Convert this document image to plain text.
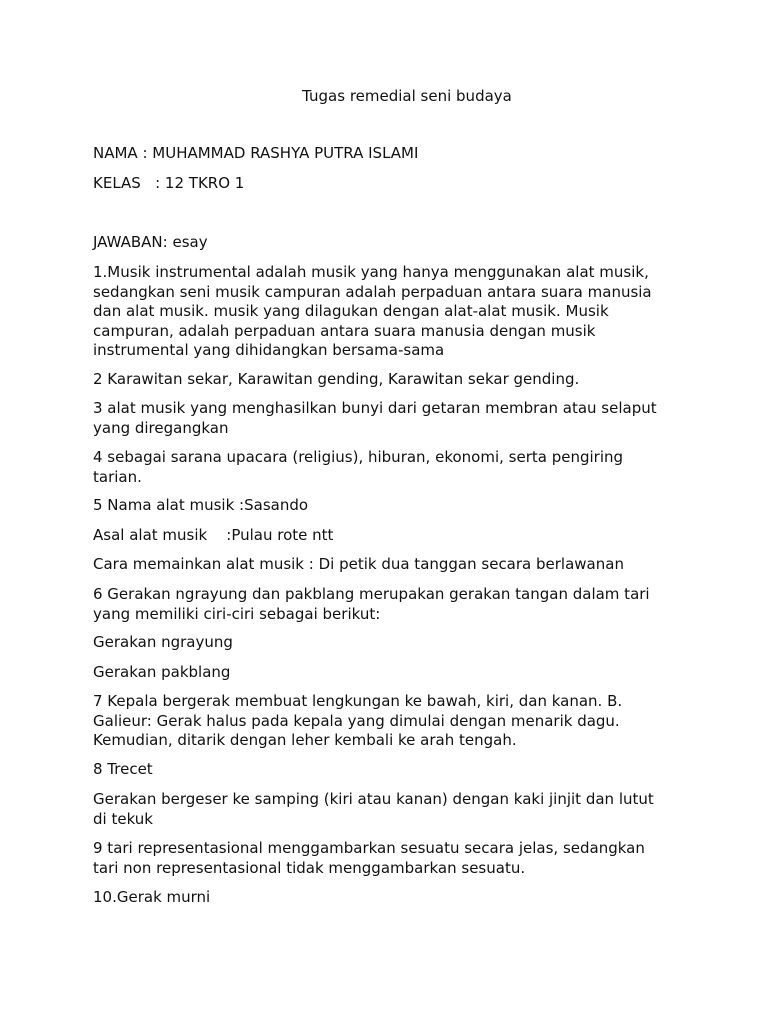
Tugas remedial seni budaya

NAMA : MUHAMMAD RASHYA PUTRA ISLAMI

KELAS   : 12 TKRO 1

JAWABAN: esay

1.Musik instrumental adalah musik yang hanya menggunakan alat musik,
sedangkan seni musik campuran adalah perpaduan antara suara manusia
dan alat musik. musik yang dilagukan dengan alat-alat musik. Musik
campuran, adalah perpaduan antara suara manusia dengan musik
instrumental yang dihidangkan bersama-sama

2 Karawitan sekar, Karawitan gending, Karawitan sekar gending.

3 alat musik yang menghasilkan bunyi dari getaran membran atau selaput
yang diregangkan

4 sebagai sarana upacara (religius), hiburan, ekonomi, serta pengiring
tarian.

5 Nama alat musik :Sasando

Asal alat musik    :Pulau rote ntt

Cara memainkan alat musik : Di petik dua tanggan secara berlawanan

6 Gerakan ngrayung dan pakblang merupakan gerakan tangan dalam tari
yang memiliki ciri-ciri sebagai berikut:

Gerakan ngrayung

Gerakan pakblang

7 Kepala bergerak membuat lengkungan ke bawah, kiri, dan kanan. B.
Galieur: Gerak halus pada kepala yang dimulai dengan menarik dagu.
Kemudian, ditarik dengan leher kembali ke arah tengah.

8 Trecet

Gerakan bergeser ke samping (kiri atau kanan) dengan kaki jinjit dan lutut
di tekuk

9 tari representasional menggambarkan sesuatu secara jelas, sedangkan
tari non representasional tidak menggambarkan sesuatu.

10.Gerak murni
